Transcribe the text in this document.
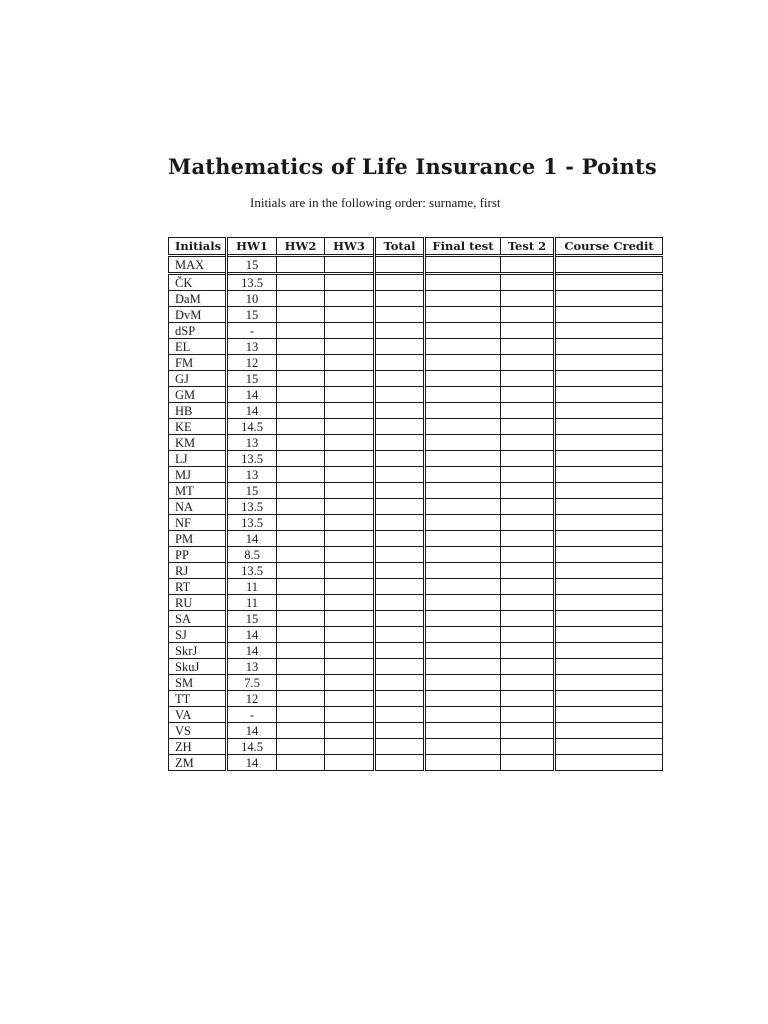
Mathematics of Life Insurance 1 - Points

Initials are in the following order: surname, first

Initials	HW1	HW2	HW3	Total	Final test	Test 2	Course Credit
MAX	15						
ČK	13.5						
DaM	10						
DvM	15						
dSP	-						
EL	13						
FM	12						
GJ	15						
GM	14						
HB	14						
KE	14.5						
KM	13						
LJ	13.5						
MJ	13						
MT	15						
NA	13.5						
NF	13.5						
PM	14						
PP	8.5						
RJ	13.5						
RT	11						
RU	11						
SA	15						
SJ	14						
SkrJ	14						
SkuJ	13						
SM	7.5						
TT	12						
VA	-						
VS	14						
ZH	14.5						
ZM	14						
